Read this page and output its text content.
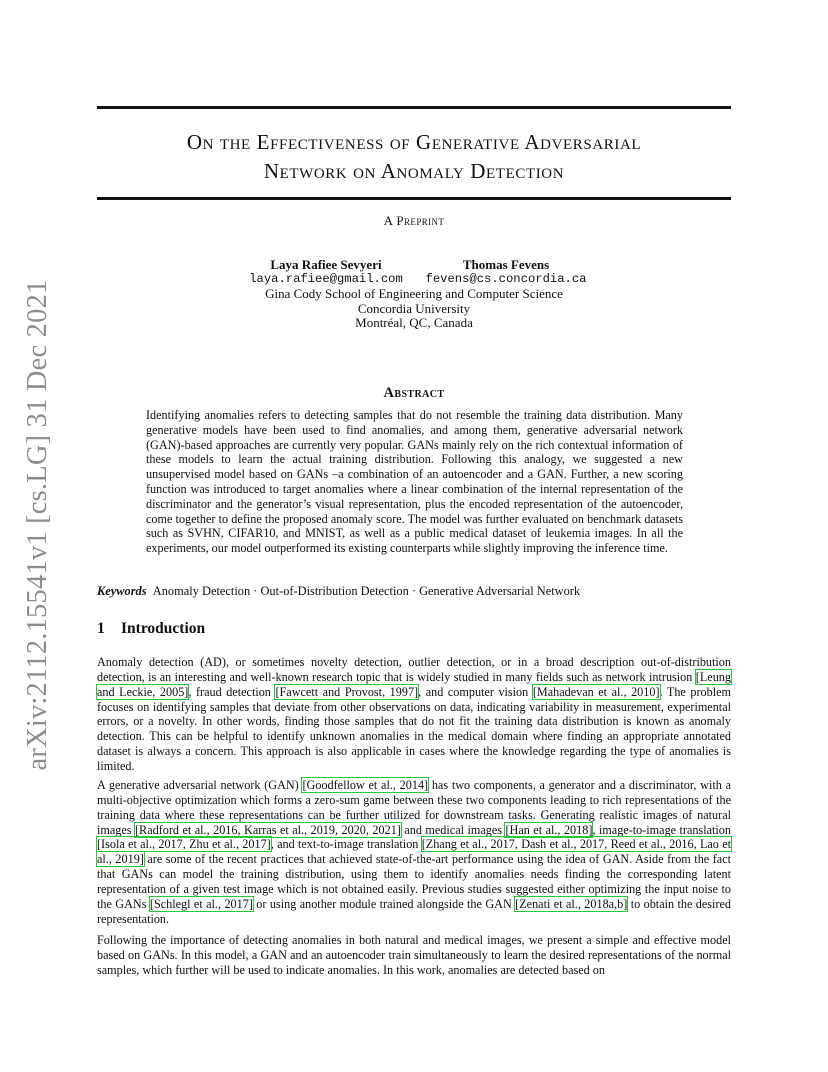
arXiv:2112.15541v1 [cs.LG] 31 Dec 2021
On the Effectiveness of Generative Adversarial
Network on Anomaly Detection
A Preprint
Laya Rafiee Sevyeri
laya.rafiee@gmail.com
Thomas Fevens
fevens@cs.concordia.ca
Gina Cody School of Engineering and Computer Science
Concordia University
Montréal, QC, Canada
Abstract
Identifying anomalies refers to detecting samples that do not resemble the training data distribution. Many generative models have been used to find anomalies, and among them, generative adversarial network (GAN)-based approaches are currently very popular. GANs mainly rely on the rich contextual information of these models to learn the actual training distribution. Following this analogy, we suggested a new unsupervised model based on GANs –a combination of an autoencoder and a GAN. Further, a new scoring function was introduced to target anomalies where a linear combination of the internal representation of the discriminator and the generator’s visual representation, plus the encoded representation of the autoencoder, come together to define the proposed anomaly score. The model was further evaluated on benchmark datasets such as SVHN, CIFAR10, and MNIST, as well as a public medical dataset of leukemia images. In all the experiments, our model outperformed its existing counterparts while slightly improving the inference time.
Keywords Anomaly Detection · Out-of-Distribution Detection · Generative Adversarial Network
1 Introduction
Anomaly detection (AD), or sometimes novelty detection, outlier detection, or in a broad description out-of-distribution detection, is an interesting and well-known research topic that is widely studied in many fields such as network intrusion [Leung and Leckie, 2005], fraud detection [Fawcett and Provost, 1997], and computer vision [Mahadevan et al., 2010]. The problem focuses on identifying samples that deviate from other observations on data, indicating variability in measurement, experimental errors, or a novelty. In other words, finding those samples that do not fit the training data distribution is known as anomaly detection. This can be helpful to identify unknown anomalies in the medical domain where finding an appropriate annotated dataset is always a concern. This approach is also applicable in cases where the knowledge regarding the type of anomalies is limited.
A generative adversarial network (GAN) [Goodfellow et al., 2014] has two components, a generator and a discriminator, with a multi-objective optimization which forms a zero-sum game between these two components leading to rich representations of the training data where these representations can be further utilized for downstream tasks. Generating realistic images of natural images [Radford et al., 2016, Karras et al., 2019, 2020, 2021] and medical images [Han et al., 2018], image-to-image translation [Isola et al., 2017, Zhu et al., 2017], and text-to-image translation [Zhang et al., 2017, Dash et al., 2017, Reed et al., 2016, Lao et al., 2019] are some of the recent practices that achieved state-of-the-art performance using the idea of GAN. Aside from the fact that GANs can model the training distribution, using them to identify anomalies needs finding the corresponding latent representation of a given test image which is not obtained easily. Previous studies suggested either optimizing the input noise to the GANs [Schlegl et al., 2017] or using another module trained alongside the GAN [Zenati et al., 2018a,b] to obtain the desired representation.
Following the importance of detecting anomalies in both natural and medical images, we present a simple and effective model based on GANs. In this model, a GAN and an autoencoder train simultaneously to learn the desired representations of the normal samples, which further will be used to indicate anomalies. In this work, anomalies are detected based on
